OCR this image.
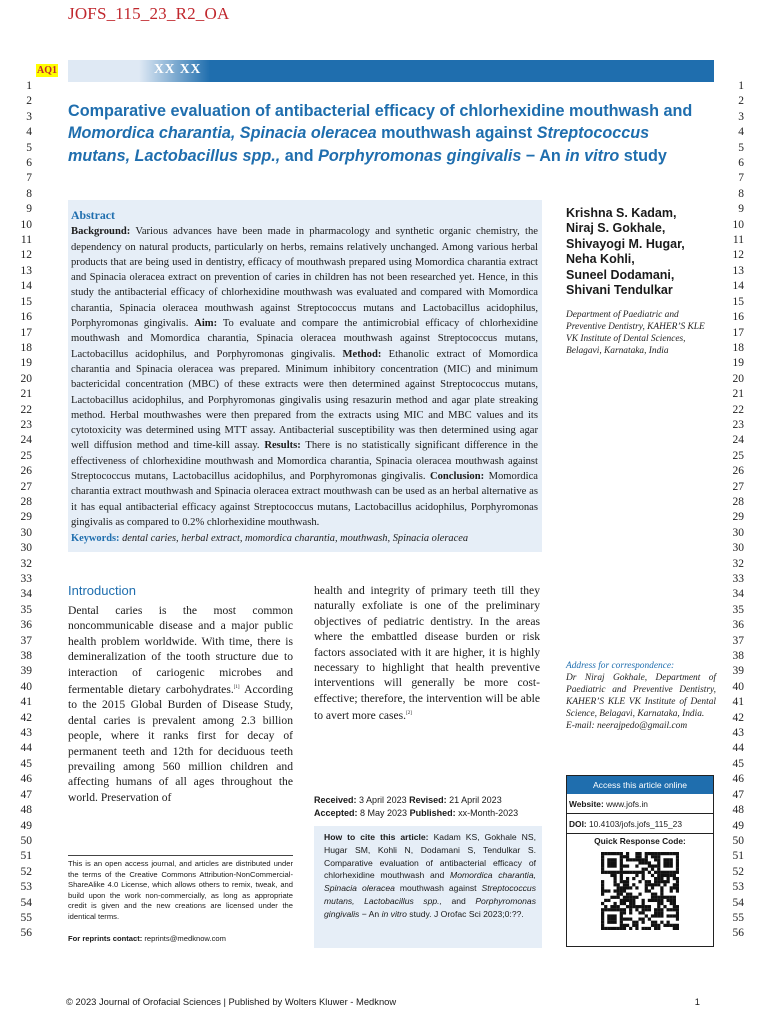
JOFS_115_23_R2_OA
AQ1
1
2
3
4
5
6
7
8
9
10
11
12
13
14
15
16
17
18
19
20
21
22
23
24
25
26
27
28
29
30
30
32
33
34
35
36
37
38
39
40
41
42
43
44
45
46
47
48
49
50
51
52
53
54
55
56
1
2
3
4
5
6
7
8
9
10
11
12
13
14
15
16
17
18
19
20
21
22
23
24
25
26
27
28
29
30
30
32
33
34
35
36
37
38
39
40
41
42
43
44
45
46
47
48
49
50
51
52
53
54
55
56
XX XX
Comparative evaluation of antibacterial efficacy of chlorhexidine mouthwash and Momordica charantia, Spinacia oleracea mouthwash against Streptococcus mutans, Lactobacillus spp., and Porphyromonas gingivalis − An in vitro study
Abstract
Background: Various advances have been made in pharmacology and synthetic organic chemistry, the dependency on natural products, particularly on herbs, remains relatively unchanged. Among various herbal products that are being used in dentistry, efficacy of mouthwash prepared using Momordica charantia extract and Spinacia oleracea extract on prevention of caries in children has not been researched yet. Hence, in this study the antibacterial efficacy of chlorhexidine mouthwash was evaluated and compared with Momordica charantia, Spinacia oleracea mouthwash against Streptococcus mutans and Lactobacillus acidophilus, Porphyromonas gingivalis. Aim: To evaluate and compare the antimicrobial efficacy of chlorhexidine mouthwash and Momordica charantia, Spinacia oleracea mouthwash against Streptococcus mutans, Lactobacillus acidophilus, and Porphyromonas gingivalis. Method: Ethanolic extract of Momordica charantia and Spinacia oleracea was prepared. Minimum inhibitory concentration (MIC) and minimum bactericidal concentration (MBC) of these extracts were then determined against Streptococcus mutans, Lactobacillus acidophilus, and Porphyromonas gingivalis using resazurin method and agar plate streaking method. Herbal mouthwashes were then prepared from the extracts using MIC and MBC values and its cytotoxicity was determined using MTT assay. Antibacterial susceptibility was then determined using agar well diffusion method and time-kill assay. Results: There is no statistically significant difference in the effectiveness of chlorhexidine mouthwash and Momordica charantia, Spinacia oleracea mouthwash against Streptococcus mutans, Lactobacillus acidophilus, and Porphyromonas gingivalis. Conclusion: Momordica charantia extract mouthwash and Spinacia oleracea extract mouthwash can be used as an herbal alternative as it has equal antibacterial efficacy against Streptococcus mutans, Lactobacillus acidophilus, Porphyromonas gingivalis as compared to 0.2% chlorhexidine mouthwash.
Keywords: dental caries, herbal extract, momordica charantia, mouthwash, Spinacia oleracea
Krishna S. Kadam,
Niraj S. Gokhale,
Shivayogi M. Hugar,
Neha Kohli,
Suneel Dodamani,
Shivani Tendulkar
Department of Paediatric and Preventive Dentistry, KAHER’S KLE VK Institute of Dental Sciences, Belagavi, Karnataka, India
Introduction
Dental caries is the most common noncommunicable disease and a major public health problem worldwide. With time, there is demineralization of the tooth structure due to interaction of cariogenic microbes and fermentable dietary carbohydrates.[1] According to the 2015 Global Burden of Disease Study, dental caries is prevalent among 2.3 billion people, where it ranks first for decay of permanent teeth and 12th for deciduous teeth prevailing among 560 million children and affecting humans of all ages throughout the world. Preservation of
health and integrity of primary teeth till they naturally exfoliate is one of the preliminary objectives of pediatric dentistry. In the areas where the embattled disease burden or risk factors associated with it are higher, it is highly necessary to highlight that health preventive interventions will generally be more cost-effective; therefore, the intervention will be able to avert more cases.[2]
Received: 3 April 2023 Revised: 21 April 2023
Accepted: 8 May 2023 Published: xx-Month-2023
How to cite this article: Kadam KS, Gokhale NS, Hugar SM, Kohli N, Dodamani S, Tendulkar S. Comparative evaluation of antibacterial efficacy of chlorhexidine mouthwash and Momordica charantia, Spinacia oleracea mouthwash against Streptococcus mutans, Lactobacillus spp., and Porphyromonas gingivalis − An in vitro study. J Orofac Sci 2023;0:??.
This is an open access journal, and articles are distributed under the terms of the Creative Commons Attribution-NonCommercial-ShareAlike 4.0 License, which allows others to remix, tweak, and build upon the work non-commercially, as long as appropriate credit is given and the new creations are licensed under the identical terms.
For reprints contact: reprints@medknow.com
Address for correspondence:
Dr Niraj Gokhale, Department of Paediatric and Preventive Dentistry, KAHER’S KLE VK Institute of Dental Science, Belagavi, Karnataka, India.
E-mail: neerajpedo@gmail.com
Access this article online
Website: www.jofs.in
DOI: 10.4103/jofs.jofs_115_23
Quick Response Code:
© 2023 Journal of Orofacial Sciences | Published by Wolters Kluwer - Medknow	1
